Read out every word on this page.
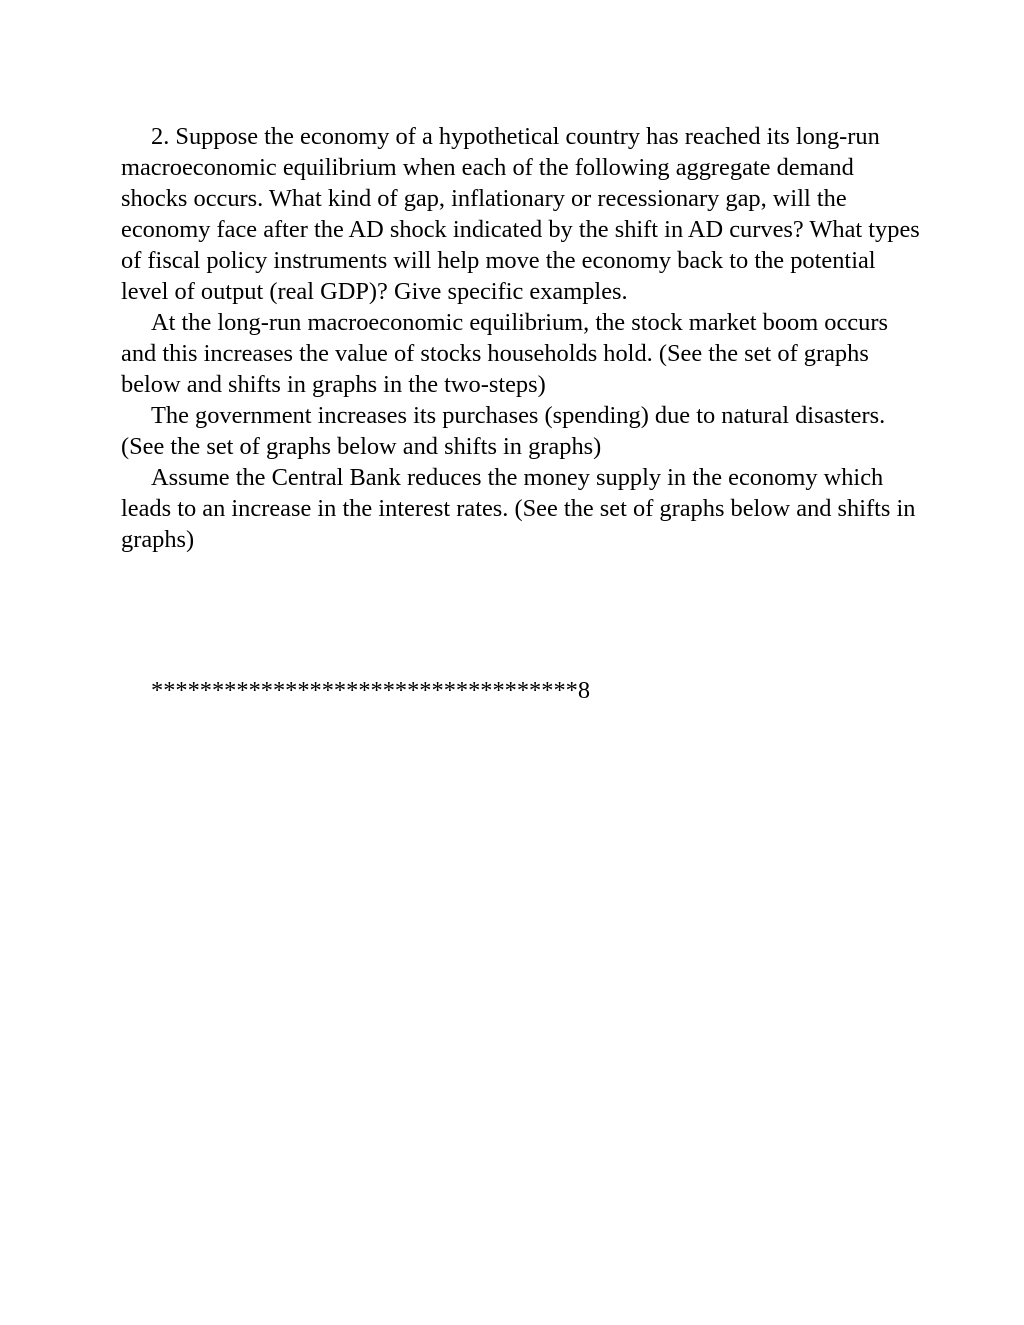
2. Suppose the economy of a hypothetical country has reached its long-run macroeconomic equilibrium when each of the following aggregate demand shocks occurs. What kind of gap, inflationary or recessionary gap, will the economy face after the AD shock indicated by the shift in AD curves? What types of fiscal policy instruments will help move the economy back to the potential level of output (real GDP)? Give specific examples.

At the long-run macroeconomic equilibrium, the stock market boom occurs and this increases the value of stocks households hold. (See the set of graphs below and shifts in graphs in the two-steps)

The government increases its purchases (spending) due to natural disasters. (See the set of graphs below and shifts in graphs)

Assume the Central Bank reduces the money supply in the economy which leads to an increase in the interest rates. (See the set of graphs below and shifts in graphs)

***********************************8
